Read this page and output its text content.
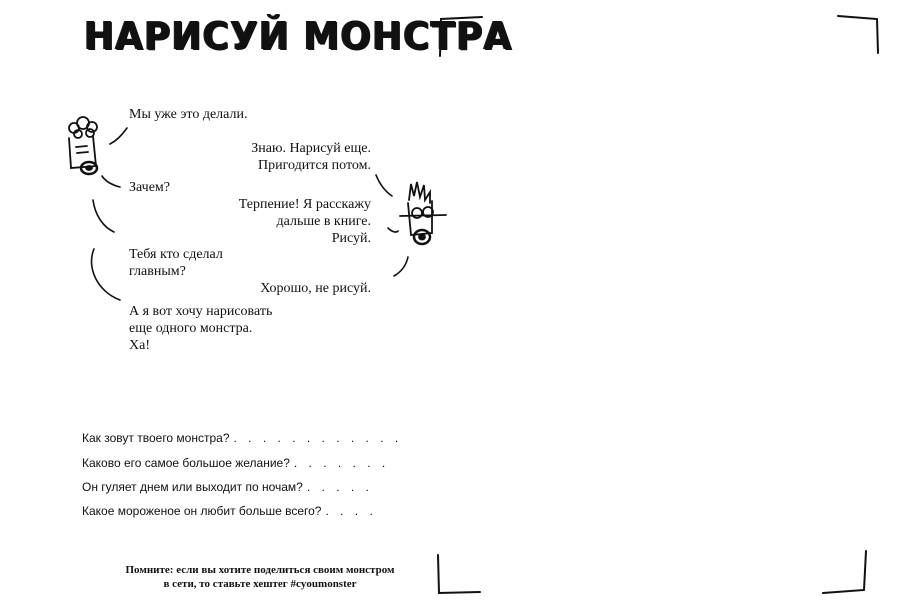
НАРИСУЙ МОНСТРА
Мы уже это делали.
Знаю. Нарисуй еще.
Пригодится потом.
Зачем?
Терпение! Я расскажу
дальше в книге.
Рисуй.
Тебя кто сделал
главным?
Хорошо, не рисуй.
А я вот хочу нарисовать
еще одного монстра.
Ха!
Как зовут твоего монстра? . . . . . . . . . . . .
Каково его самое большое желание? . . . . . . .
Он гуляет днем или выходит по ночам? . . . . .
Какое мороженое он любит больше всего? . . . .
Помните: если вы хотите поделиться своим монстром
в сети, то ставьте хештег #сyoumonster
